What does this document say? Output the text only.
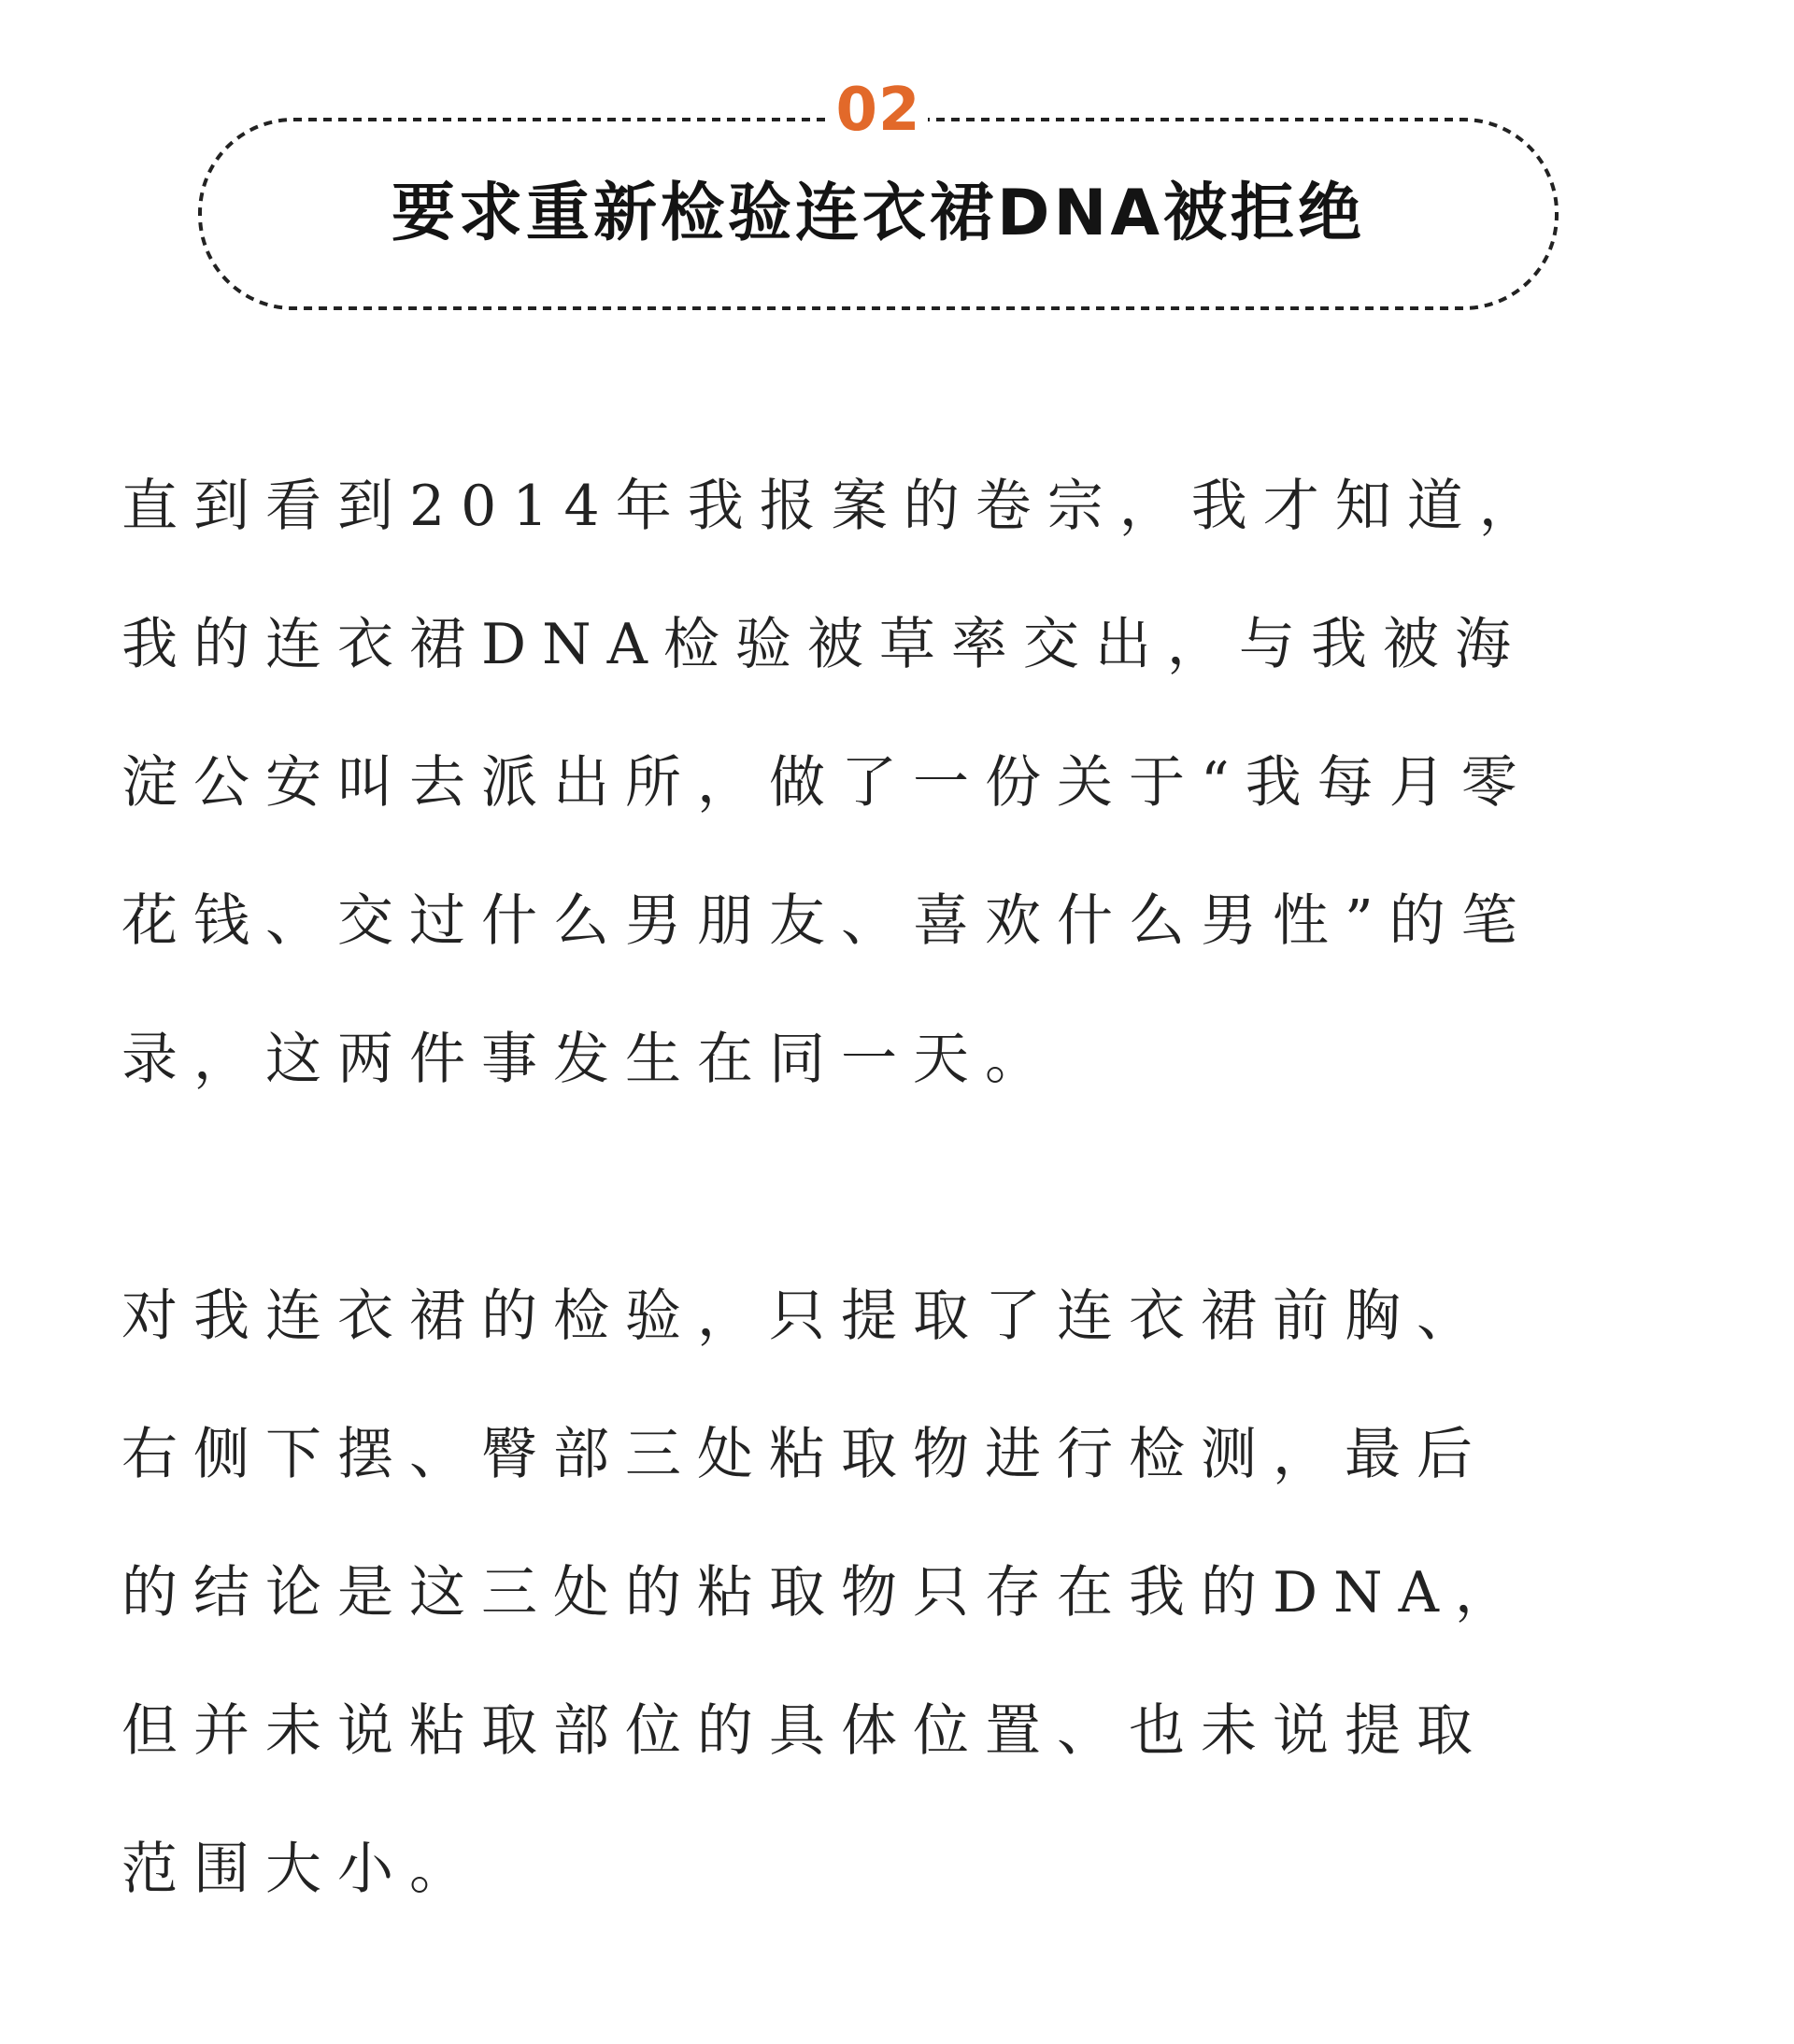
02
要求重新检验连衣裙DNA被拒绝
直到看到2014年我报案的卷宗，我才知道，
我的连衣裙DNA检验被草率交出，与我被海
淀公安叫去派出所，做了一份关于“我每月零
花钱、交过什么男朋友、喜欢什么男性”的笔
录，这两件事发生在同一天。
对我连衣裙的检验，只提取了连衣裙前胸、
右侧下摆、臀部三处粘取物进行检测，最后
的结论是这三处的粘取物只存在我的DNA，
但并未说粘取部位的具体位置、也未说提取
范围大小。
